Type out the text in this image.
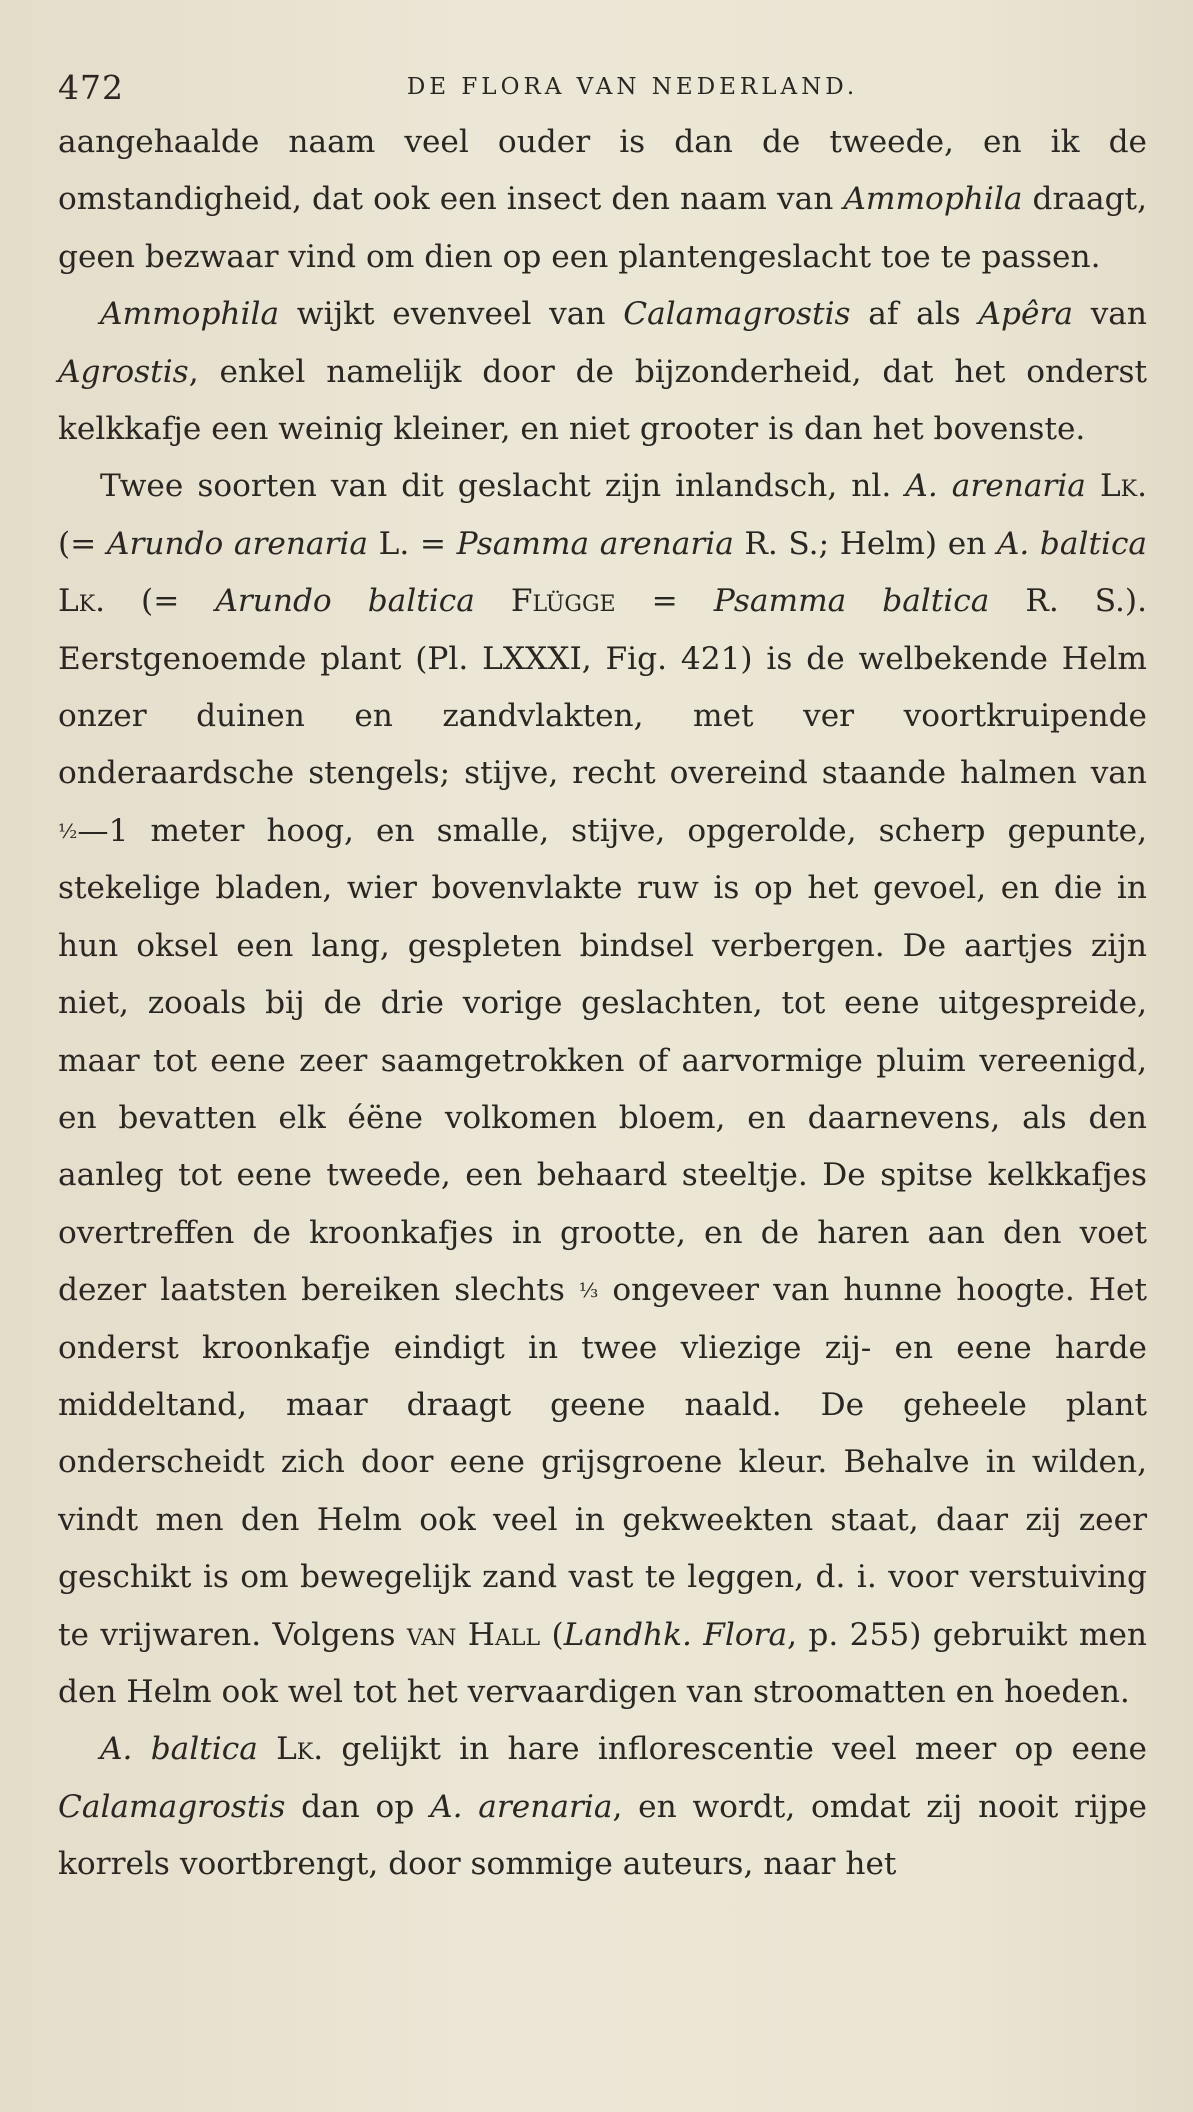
472	DE FLORA VAN NEDERLAND.

aangehaalde naam veel ouder is dan de tweede, en ik de omstandigheid, dat ook een insect den naam van Ammophila draagt, geen bezwaar vind om dien op een plantengeslacht toe te passen.

Ammophila wijkt evenveel van Calamagrostis af als Apêra van Agrostis, enkel namelijk door de bijzonderheid, dat het onderst kelkkafje een weinig kleiner, en niet grooter is dan het bovenste.

Twee soorten van dit geslacht zijn inlandsch, nl. A. arenaria Lk. (= Arundo arenaria L. = Psamma arenaria R. S.; Helm) en A. baltica Lk. (= Arundo baltica Flügge = Psamma baltica R. S.). Eerstgenoemde plant (Pl. LXXXI, Fig. 421) is de welbekende Helm onzer duinen en zandvlakten, met ver voortkruipende onderaardsche stengels; stijve, recht overeind staande halmen van ½—1 meter hoog, en smalle, stijve, opgerolde, scherp gepunte, stekelige bladen, wier bovenvlakte ruw is op het gevoel, en die in hun oksel een lang, gespleten bindsel verbergen. De aartjes zijn niet, zooals bij de drie vorige geslachten, tot eene uitgespreide, maar tot eene zeer saamgetrokken of aarvormige pluim vereenigd, en bevatten elk éëne volkomen bloem, en daarnevens, als den aanleg tot eene tweede, een behaard steeltje. De spitse kelkkafjes overtreffen de kroonkafjes in grootte, en de haren aan den voet dezer laatsten bereiken slechts ⅓ ongeveer van hunne hoogte. Het onderst kroonkafje eindigt in twee vliezige zij- en eene harde middeltand, maar draagt geene naald. De geheele plant onderscheidt zich door eene grijsgroene kleur. Behalve in wilden, vindt men den Helm ook veel in gekweekten staat, daar zij zeer geschikt is om bewegelijk zand vast te leggen, d. i. voor verstuiving te vrijwaren. Volgens van Hall (Landhk. Flora, p. 255) gebruikt men den Helm ook wel tot het vervaardigen van stroomatten en hoeden.

A. baltica Lk. gelijkt in hare inflorescentie veel meer op eene Calamagrostis dan op A. arenaria, en wordt, omdat zij nooit rijpe korrels voortbrengt, door sommige auteurs, naar het
